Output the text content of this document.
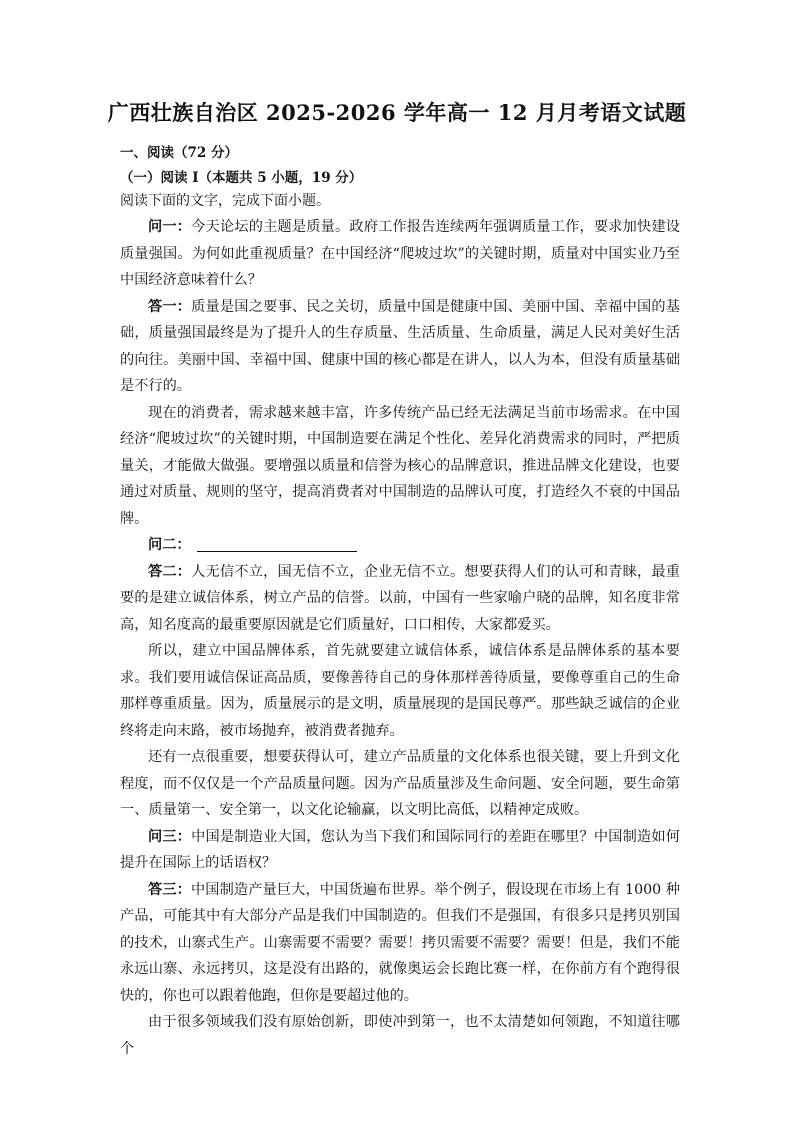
广西壮族自治区 2025-2026 学年高一 12 月月考语文试题
一、阅读（72 分）
（一）阅读 I（本题共 5 小题，19 分）
阅读下面的文字，完成下面小题。

问一：今天论坛的主题是质量。政府工作报告连续两年强调质量工作，要求加快建设质量强国。为何如此重视质量？在中国经济“爬坡过坎”的关键时期，质量对中国实业乃至中国经济意味着什么？

答一：质量是国之要事、民之关切，质量中国是健康中国、美丽中国、幸福中国的基础，质量强国最终是为了提升人的生存质量、生活质量、生命质量，满足人民对美好生活的向往。美丽中国、幸福中国、健康中国的核心都是在讲人，以人为本，但没有质量基础是不行的。

现在的消费者，需求越来越丰富，许多传统产品已经无法满足当前市场需求。在中国经济“爬坡过坎”的关键时期，中国制造要在满足个性化、差异化消费需求的同时，严把质量关，才能做大做强。要增强以质量和信誉为核心的品牌意识，推进品牌文化建设，也要通过对质量、规则的坚守，提高消费者对中国制造的品牌认可度，打造经久不衰的中国品牌。

问二：

答二：人无信不立，国无信不立，企业无信不立。想要获得人们的认可和青睐，最重要的是建立诚信体系，树立产品的信誉。以前，中国有一些家喻户晓的品牌，知名度非常高，知名度高的最重要原因就是它们质量好，口口相传，大家都爱买。

所以，建立中国品牌体系，首先就要建立诚信体系，诚信体系是品牌体系的基本要求。我们要用诚信保证高品质，要像善待自己的身体那样善待质量，要像尊重自己的生命那样尊重质量。因为，质量展示的是文明，质量展现的是国民尊严。那些缺乏诚信的企业终将走向末路，被市场抛弃，被消费者抛弃。

还有一点很重要，想要获得认可，建立产品质量的文化体系也很关键，要上升到文化程度，而不仅仅是一个产品质量问题。因为产品质量涉及生命问题、安全问题，要生命第一、质量第一、安全第一，以文化论输赢，以文明比高低，以精神定成败。

问三：中国是制造业大国，您认为当下我们和国际同行的差距在哪里？中国制造如何提升在国际上的话语权？

答三：中国制造产量巨大，中国货遍布世界。举个例子，假设现在市场上有 1000 种产品，可能其中有大部分产品是我们中国制造的。但我们不是强国，有很多只是拷贝别国的技术，山寨式生产。山寨需要不需要？需要！拷贝需要不需要？需要！但是，我们不能永远山寨、永远拷贝，这是没有出路的，就像奥运会长跑比赛一样，在你前方有个跑得很快的，你也可以跟着他跑，但你是要超过他的。

由于很多领域我们没有原始创新，即使冲到第一，也不太清楚如何领跑，不知道往哪个
